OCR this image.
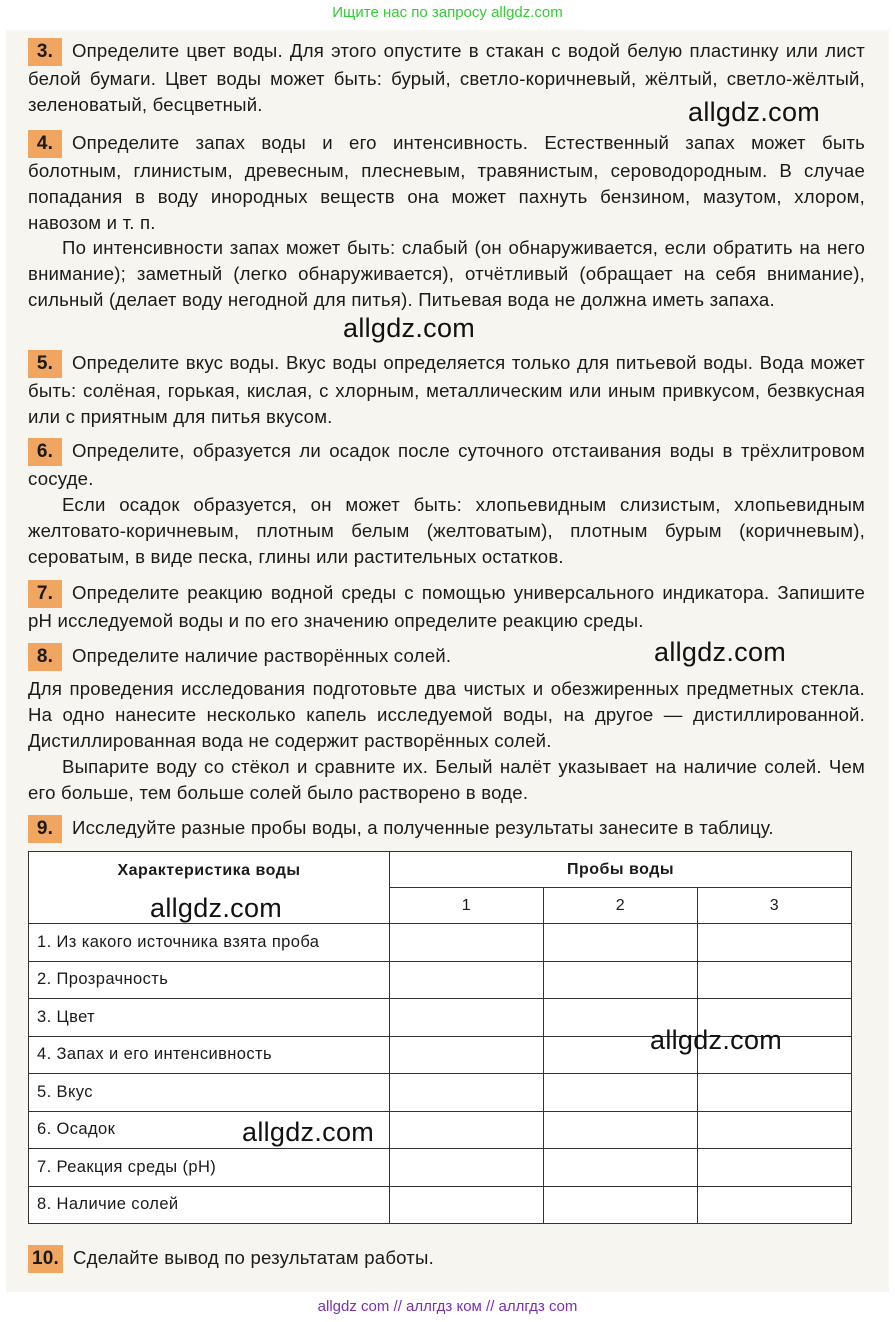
Ищите нас по запросу allgdz.com

3. Определите цвет воды. Для этого опустите в стакан с водой белую пластинку или лист белой бумаги. Цвет воды может быть: бурый, светло-коричневый, жёлтый, светло-жёлтый, зеленоватый, бесцветный.	allgdz.com

4. Определите запах воды и его интенсивность. Естественный запах может быть болотным, глинистым, древесным, плесневым, травянистым, сероводородным. В случае попадания в воду инородных веществ она может пахнуть бензином, мазутом, хлором, навозом и т. п.

По интенсивности запах может быть: слабый (он обнаруживается, если обратить на него внимание); заметный (легко обнаруживается), отчётливый (обращает на себя внимание), сильный (делает воду негодной для питья). Питьевая вода не должна иметь запаха.

allgdz.com

5. Определите вкус воды. Вкус воды определяется только для питьевой воды. Вода может быть: солёная, горькая, кислая, с хлорным, металлическим или иным привкусом, безвкусная или с приятным для питья вкусом.

6. Определите, образуется ли осадок после суточного отстаивания воды в трёхлитровом сосуде.

Если осадок образуется, он может быть: хлопьевидным слизистым, хлопьевидным желтовато-коричневым, плотным белым (желтоватым), плотным бурым (коричневым), сероватым, в виде песка, глины или растительных остатков.

7. Определите реакцию водной среды с помощью универсального индикатора. Запишите pH исследуемой воды и по его значению определите реакцию среды.

8. Определите наличие растворённых солей.	allgdz.com

Для проведения исследования подготовьте два чистых и обезжиренных предметных стекла. На одно нанесите несколько капель исследуемой воды, на другое — дистиллированной. Дистиллированная вода не содержит растворённых солей.

Выпарите воду со стёкол и сравните их. Белый налёт указывает на наличие солей. Чем его больше, тем больше солей было растворено в воде.

9. Исследуйте разные пробы воды, а полученные результаты занесите в таблицу.

Характеристика воды	Пробы воды		
	1	2	3
1. Из какого источника взята проба			
2. Прозрачность			
3. Цвет			
4. Запах и его интенсивность			
5. Вкус			
6. Осадок			
7. Реакция среды (pH)			
8. Наличие солей			
allgdz.com
allgdz.com
allgdz.com

10. Сделайте вывод по результатам работы.

allgdz com // аллгдз ком // аллгдз com
